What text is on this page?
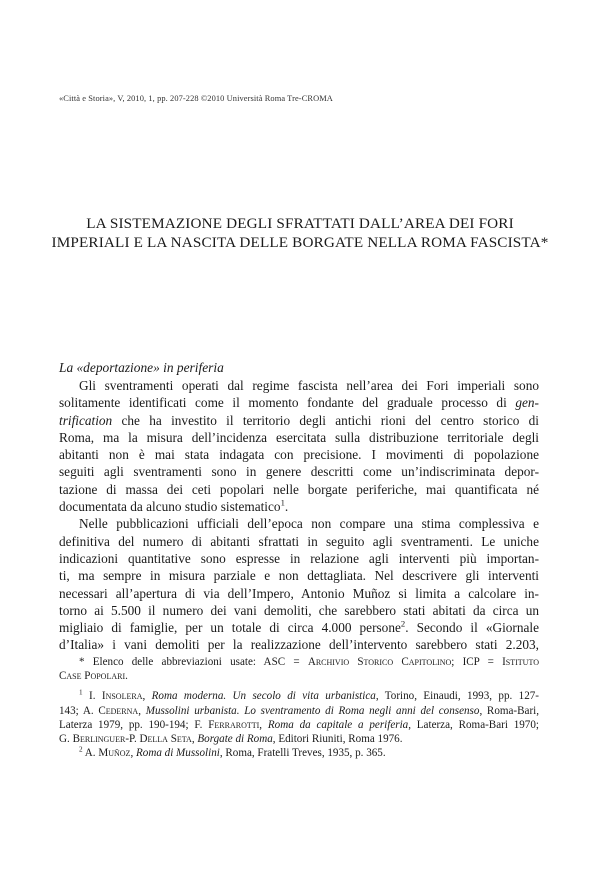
«Città e Storia», V, 2010, 1, pp. 207-228 ©2010 Università Roma Tre-CROMA
LA SISTEMAZIONE DEGLI SFRATTATI DALL’AREA DEI FORI
IMPERIALI E LA NASCITA DELLE BORGATE NELLA ROMA FASCISTA*
La «deportazione» in periferia
Gli sventramenti operati dal regime fascista nell’area dei Fori imperiali sono
solitamente identificati come il momento fondante del graduale processo di gen-
trification che ha investito il territorio degli antichi rioni del centro storico di
Roma, ma la misura dell’incidenza esercitata sulla distribuzione territoriale degli
abitanti non è mai stata indagata con precisione. I movimenti di popolazione
seguiti agli sventramenti sono in genere descritti come un’indiscriminata depor-
tazione di massa dei ceti popolari nelle borgate periferiche, mai quantificata né
documentata da alcuno studio sistematico$^1$.
Nelle pubblicazioni ufficiali dell’epoca non compare una stima complessiva e
definitiva del numero di abitanti sfrattati in seguito agli sventramenti. Le uniche
indicazioni quantitative sono espresse in relazione agli interventi più importan-
ti, ma sempre in misura parziale e non dettagliata. Nel descrivere gli interventi
necessari all’apertura di via dell’Impero, Antonio Muñoz si limita a calcolare in-
torno ai 5.500 il numero dei vani demoliti, che sarebbero stati abitati da circa un
migliaio di famiglie, per un totale di circa 4.000 persone$^2$. Secondo il «Giornale
d’Italia» i vani demoliti per la realizzazione dell’intervento sarebbero stati 2.203,
* Elenco delle abbreviazioni usate: ASC = Archivio Storico Capitolino; ICP = Istituto
Case Popolari.
$^1$ I. Insolera, Roma moderna. Un secolo di vita urbanistica, Torino, Einaudi, 1993, pp. 127-
143; A. Cederna, Mussolini urbanista. Lo sventramento di Roma negli anni del consenso, Roma-Bari,
Laterza 1979, pp. 190-194; F. Ferrarotti, Roma da capitale a periferia, Laterza, Roma-Bari 1970;
G. Berlinguer-P. Della Seta, Borgate di Roma, Editori Riuniti, Roma 1976.
$^2$ A. Muñoz, Roma di Mussolini, Roma, Fratelli Treves, 1935, p. 365.
